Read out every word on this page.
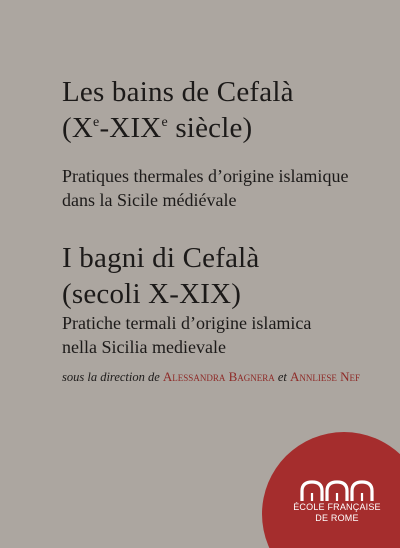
Les bains de Cefalà
(Xe-XIXe siècle)

Pratiques thermales d’origine islamique
dans la Sicile médiévale

I bagni di Cefalà
(secoli X-XIX)

Pratiche termali d’origine islamica
nella Sicilia medievale

sous la direction de Alessandra Bagnera et Annliese Nef
ÉCOLE FRANÇAISE
DE ROME
